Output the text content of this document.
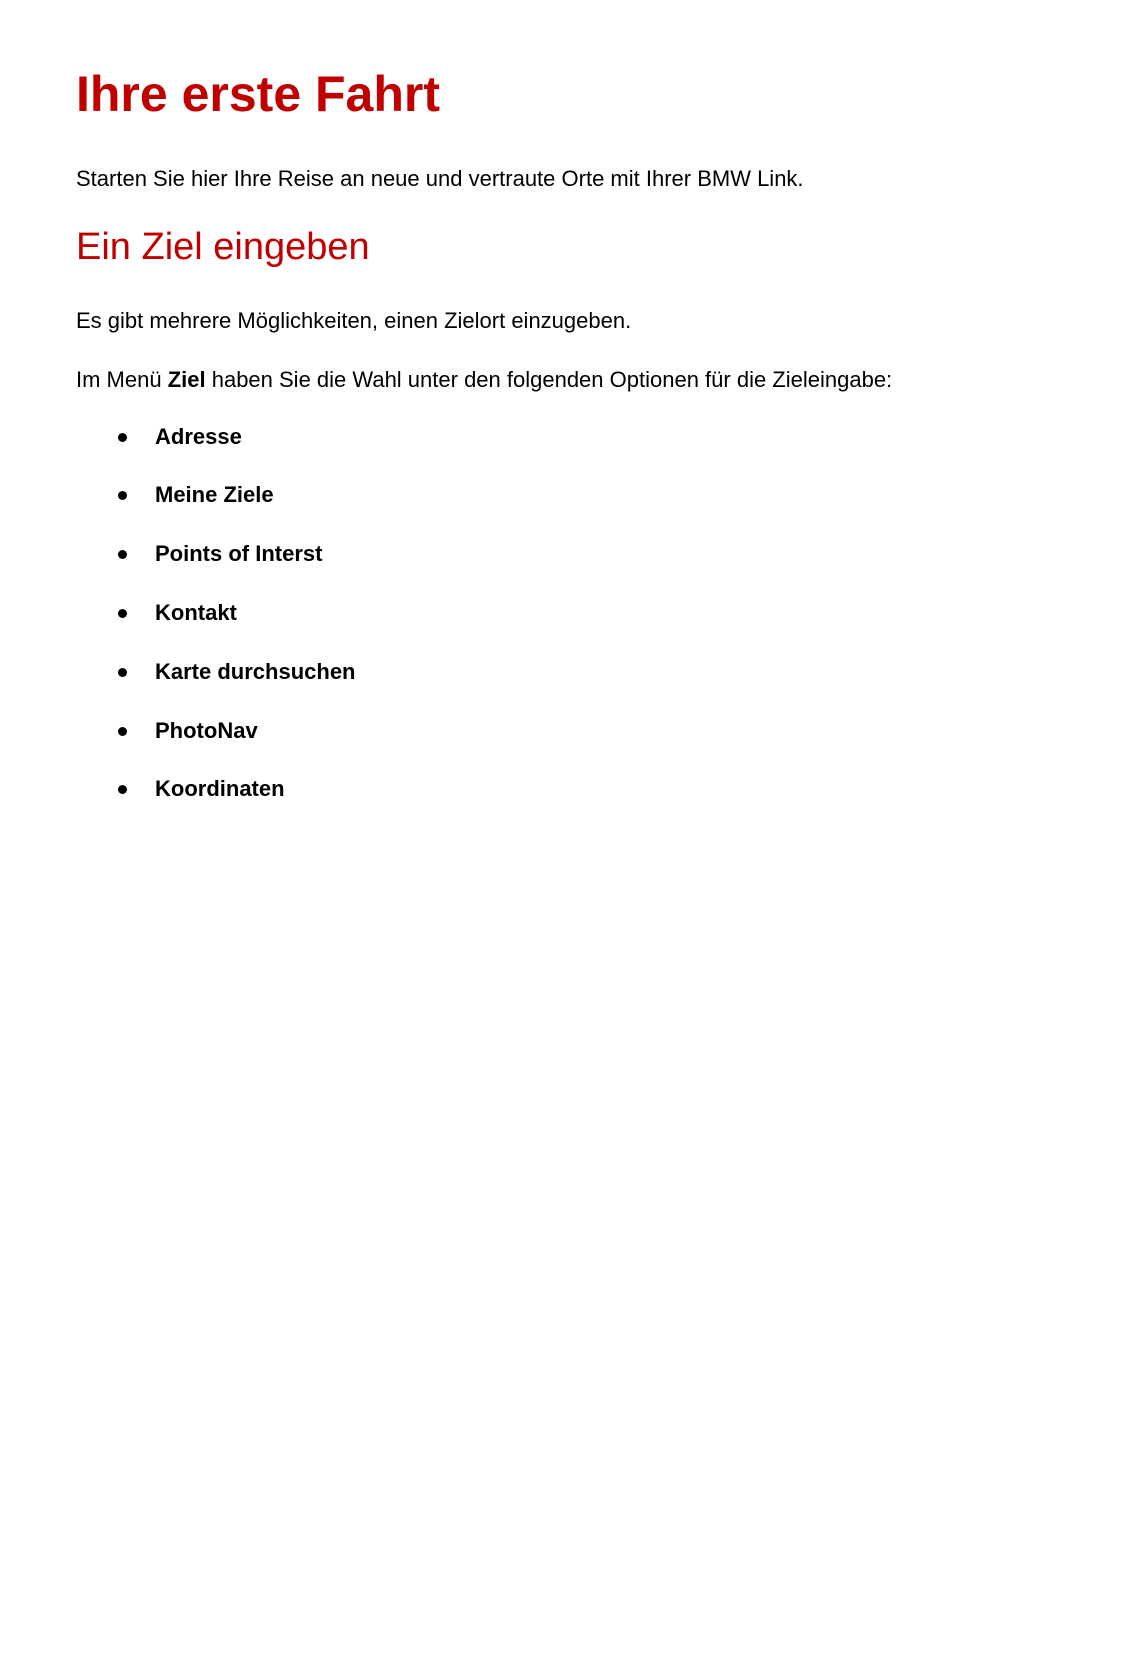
Ihre erste Fahrt

Starten Sie hier Ihre Reise an neue und vertraute Orte mit Ihrer BMW Link.

Ein Ziel eingeben

Es gibt mehrere Möglichkeiten, einen Zielort einzugeben.

Im Menü Ziel haben Sie die Wahl unter den folgenden Optionen für die Zieleingabe:

Adresse
Meine Ziele
Points of Interst
Kontakt
Karte durchsuchen
PhotoNav
Koordinaten
